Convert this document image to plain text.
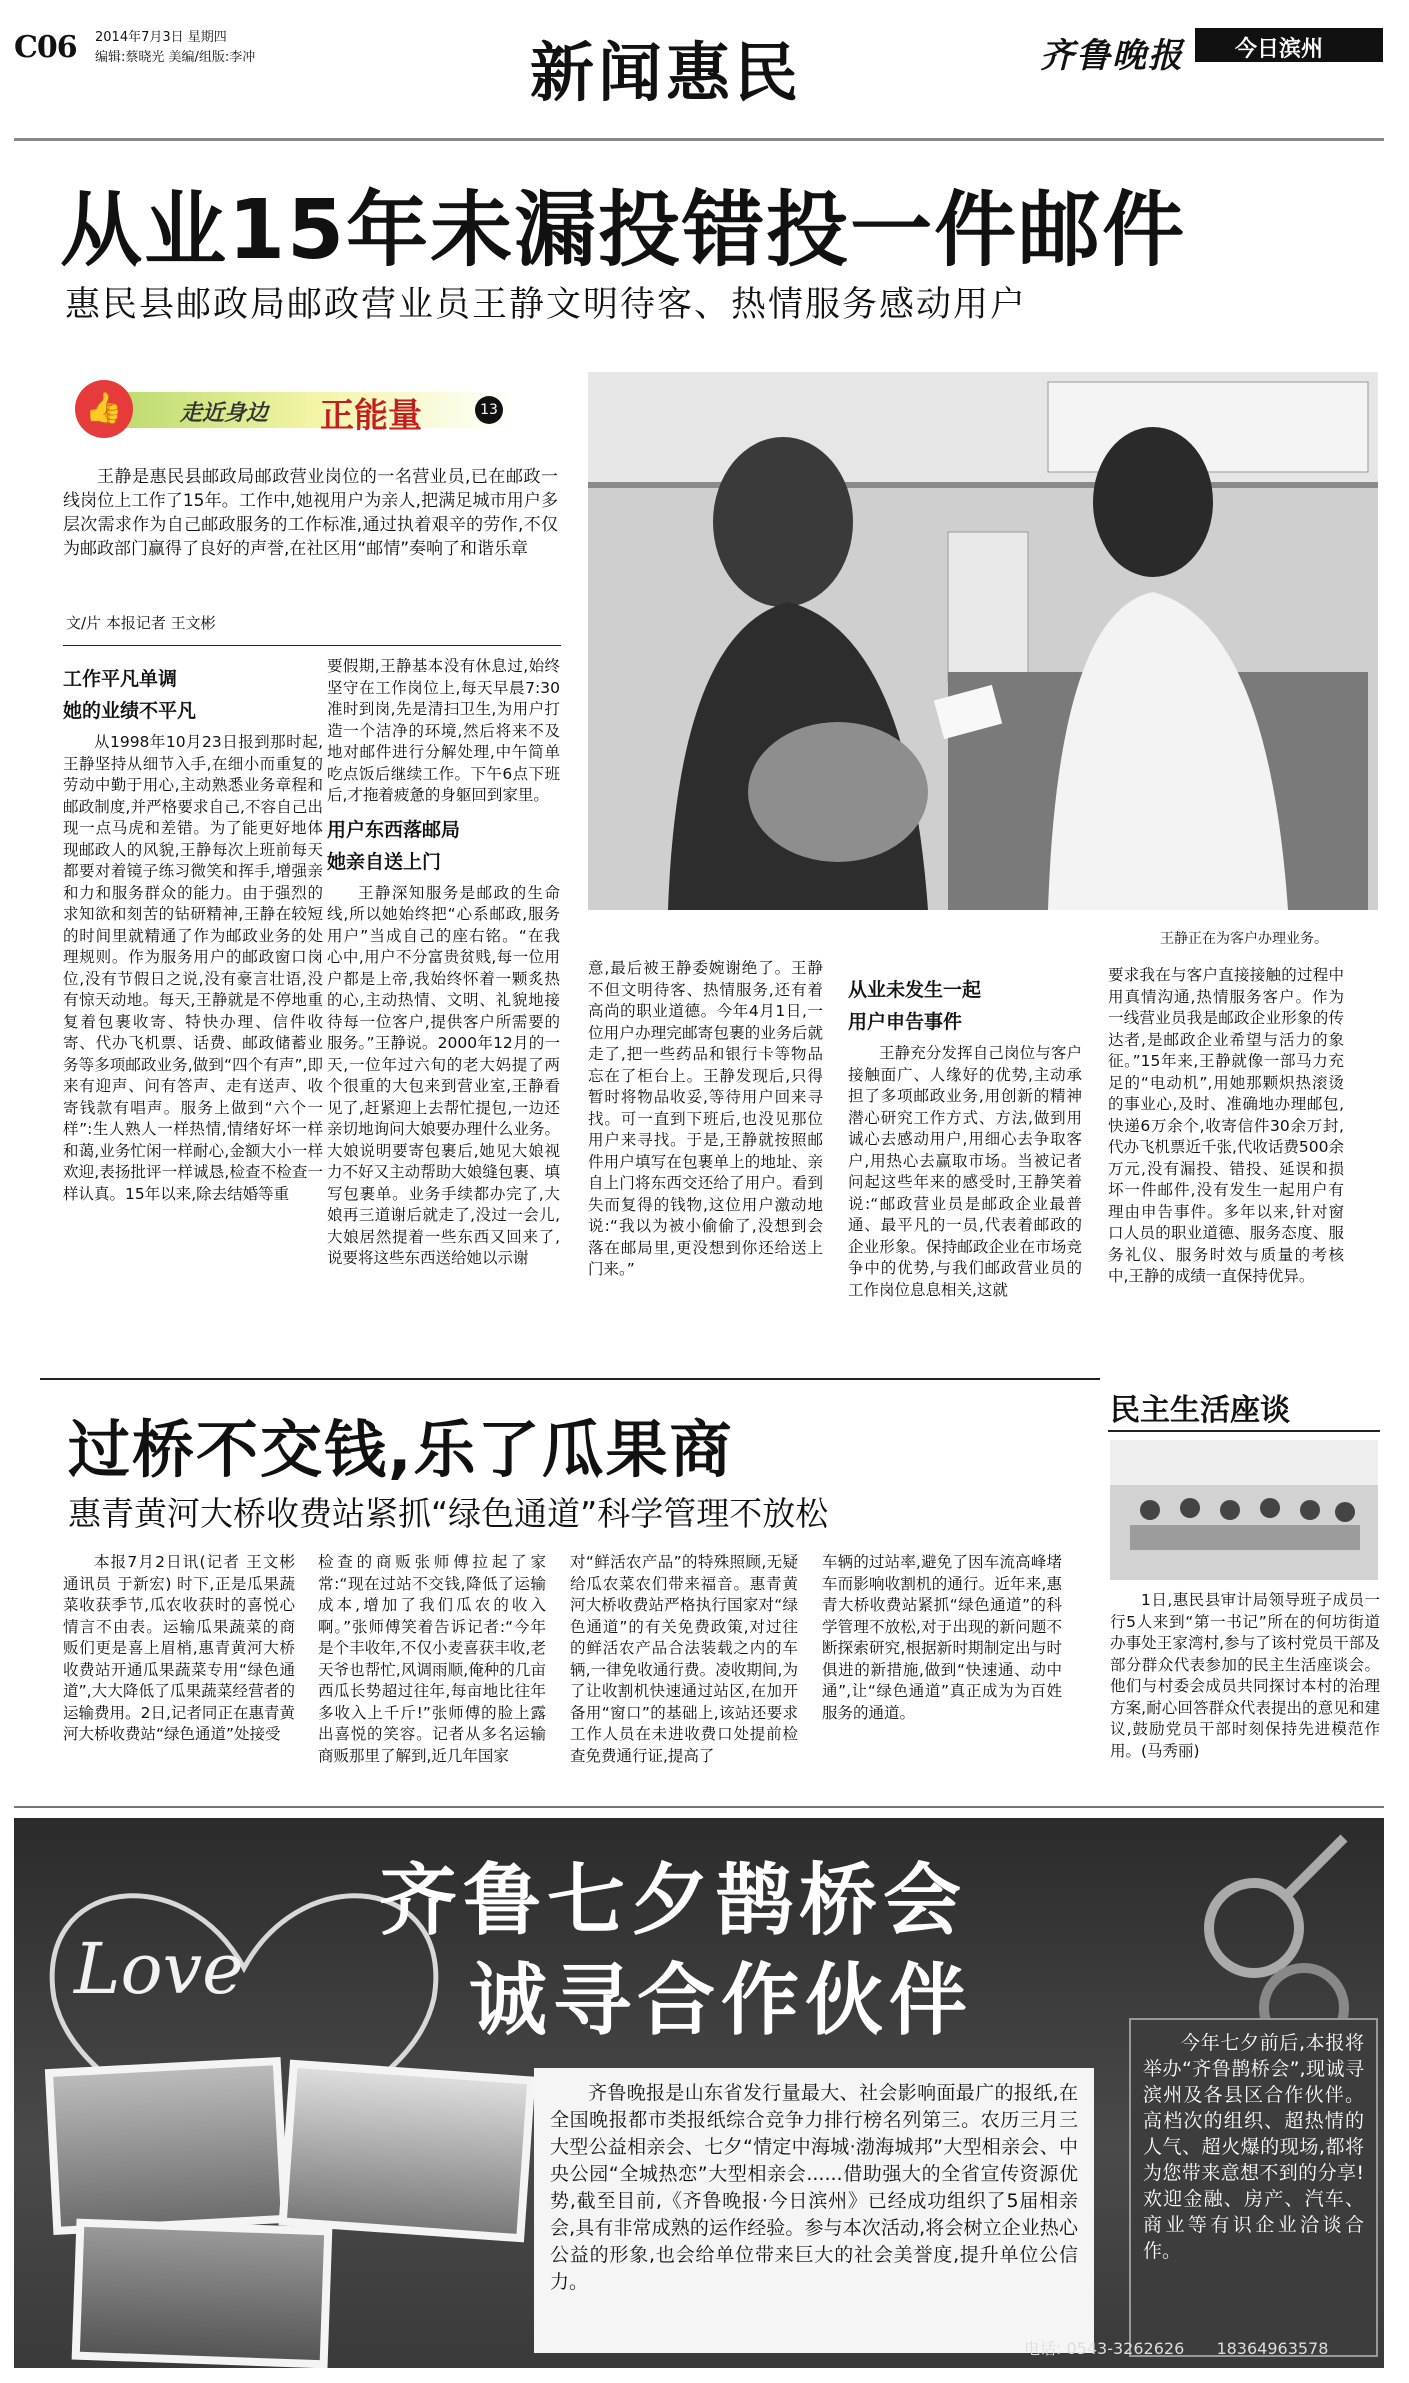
C06 2014年7月3日 星期四
编辑:蔡晓光 美编/组版:李冲	新闻惠民	齐鲁晚报 今日滨州
从业15年未漏投错投一件邮件
惠民县邮政局邮政营业员王静文明待客、热情服务感动用户
👍	走近身边 正能量	13

王静是惠民县邮政局邮政营业岗位的一名营业员,已在邮政一线岗位上工作了15年。工作中,她视用户为亲人,把满足城市用户多层次需求作为自己邮政服务的工作标准,通过执着艰辛的劳作,不仅为邮政部门赢得了良好的声誉,在社区用“邮情”奏响了和谐乐章

文/片 本报记者 王文彬
王静正在为客户办理业务。
工作平凡单调
她的业绩不平凡

从1998年10月23日报到那时起,王静坚持从细节入手,在细小而重复的劳动中勤于用心,主动熟悉业务章程和邮政制度,并严格要求自己,不容自己出现一点马虎和差错。为了能更好地体现邮政人的风貌,王静每次上班前每天都要对着镜子练习微笑和挥手,增强亲和力和服务群众的能力。由于强烈的求知欲和刻苦的钻研精神,王静在较短的时间里就精通了作为邮政业务的处理规则。作为服务用户的邮政窗口岗位,没有节假日之说,没有豪言壮语,没有惊天动地。每天,王静就是不停地重复着包裹收寄、特快办理、信件收寄、代办飞机票、话费、邮政储蓄业务等多项邮政业务,做到“四个有声”,即来有迎声、问有答声、走有送声、收寄钱款有唱声。服务上做到“六个一样”:生人熟人一样热情,情绪好坏一样和蔼,业务忙闲一样耐心,金额大小一样欢迎,表扬批评一样诚恳,检查不检查一样认真。15年以来,除去结婚等重

要假期,王静基本没有休息过,始终坚守在工作岗位上,每天早晨7:30准时到岗,先是清扫卫生,为用户打造一个洁净的环境,然后将来不及地对邮件进行分解处理,中午简单吃点饭后继续工作。下午6点下班后,才拖着疲惫的身躯回到家里。

用户东西落邮局
她亲自送上门

王静深知服务是邮政的生命线,所以她始终把“心系邮政,服务用户”当成自己的座右铭。“在我心中,用户不分富贵贫贱,每一位用户都是上帝,我始终怀着一颗炙热的心,主动热情、文明、礼貌地接待每一位客户,提供客户所需要的服务。”王静说。2000年12月的一天,一位年过六旬的老大妈提了两个很重的大包来到营业室,王静看见了,赶紧迎上去帮忙提包,一边还亲切地询问大娘要办理什么业务。大娘说明要寄包裹后,她见大娘视力不好又主动帮助大娘缝包裹、填写包裹单。业务手续都办完了,大娘再三道谢后就走了,没过一会儿,大娘居然提着一些东西又回来了,说要将这些东西送给她以示谢

意,最后被王静委婉谢绝了。王静不但文明待客、热情服务,还有着高尚的职业道德。今年4月1日,一位用户办理完邮寄包裹的业务后就走了,把一些药品和银行卡等物品忘在了柜台上。王静发现后,只得暂时将物品收妥,等待用户回来寻找。可一直到下班后,也没见那位用户来寻找。于是,王静就按照邮件用户填写在包裹单上的地址、亲自上门将东西交还给了用户。看到失而复得的钱物,这位用户激动地说:“我以为被小偷偷了,没想到会落在邮局里,更没想到你还给送上门来。”

从业未发生一起
用户申告事件

王静充分发挥自己岗位与客户接触面广、人缘好的优势,主动承担了多项邮政业务,用创新的精神潜心研究工作方式、方法,做到用诚心去感动用户,用细心去争取客户,用热心去赢取市场。当被记者问起这些年来的感受时,王静笑着说:“邮政营业员是邮政企业最普通、最平凡的一员,代表着邮政的企业形象。保持邮政企业在市场竞争中的优势,与我们邮政营业员的工作岗位息息相关,这就

要求我在与客户直接接触的过程中用真情沟通,热情服务客户。作为一线营业员我是邮政企业形象的传达者,是邮政企业希望与活力的象征。”15年来,王静就像一部马力充足的“电动机”,用她那颗炽热滚烫的事业心,及时、准确地办理邮包,快递6万余个,收寄信件30余万封,代办飞机票近千张,代收话费500余万元,没有漏投、错投、延误和损坏一件邮件,没有发生一起用户有理由申告事件。多年以来,针对窗口人员的职业道德、服务态度、服务礼仪、服务时效与质量的考核中,王静的成绩一直保持优异。

过桥不交钱,乐了瓜果商
惠青黄河大桥收费站紧抓“绿色通道”科学管理不放松

本报7月2日讯(记者 王文彬 通讯员 于新宏) 时下,正是瓜果蔬菜收获季节,瓜农收获时的喜悦心情言不由表。运输瓜果蔬菜的商贩们更是喜上眉梢,惠青黄河大桥收费站开通瓜果蔬菜专用“绿色通道”,大大降低了瓜果蔬菜经营者的运输费用。2日,记者同正在惠青黄河大桥收费站“绿色通道”处接受

检查的商贩张师傅拉起了家常:“现在过站不交钱,降低了运输成本,增加了我们瓜农的收入啊。”张师傅笑着告诉记者:“今年是个丰收年,不仅小麦喜获丰收,老天爷也帮忙,风调雨顺,俺种的几亩西瓜长势超过往年,每亩地比往年多收入上千斤!”张师傅的脸上露出喜悦的笑容。记者从多名运输商贩那里了解到,近几年国家

对“鲜活农产品”的特殊照顾,无疑给瓜农菜农们带来福音。惠青黄河大桥收费站严格执行国家对“绿色通道”的有关免费政策,对过往的鲜活农产品合法装载之内的车辆,一律免收通行费。凌收期间,为了让收割机快速通过站区,在加开备用“窗口”的基础上,该站还要求工作人员在未进收费口处提前检查免费通行证,提高了

车辆的过站率,避免了因车流高峰堵车而影响收割机的通行。近年来,惠青大桥收费站紧抓“绿色通道”的科学管理不放松,对于出现的新问题不断探索研究,根据新时期制定出与时俱进的新措施,做到“快速通、动中通”,让“绿色通道”真正成为为百姓服务的通道。

民主生活座谈

1日,惠民县审计局领导班子成员一行5人来到“第一书记”所在的何坊街道办事处王家湾村,参与了该村党员干部及部分群众代表参加的民主生活座谈会。他们与村委会成员共同探讨本村的治理方案,耐心回答群众代表提出的意见和建议,鼓励党员干部时刻保持先进模范作用。(马秀丽)

Love
齐鲁七夕鹊桥会
诚寻合作伙伴

齐鲁晚报是山东省发行量最大、社会影响面最广的报纸,在全国晚报都市类报纸综合竞争力排行榜名列第三。农历三月三大型公益相亲会、七夕“情定中海城·渤海城邦”大型相亲会、中央公园“全城热恋”大型相亲会......借助强大的全省宣传资源优势,截至目前,《齐鲁晚报·今日滨州》已经成功组织了5届相亲会,具有非常成熟的运作经验。参与本次活动,将会树立企业热心公益的形象,也会给单位带来巨大的社会美誉度,提升单位公信力。

今年七夕前后,本报将举办“齐鲁鹊桥会”,现诚寻滨州及各县区合作伙伴。高档次的组织、超热情的人气、超火爆的现场,都将为您带来意想不到的分享!欢迎金融、房产、汽车、商业等有识企业洽谈合作。

电话: 0543-3262626 18364963578
